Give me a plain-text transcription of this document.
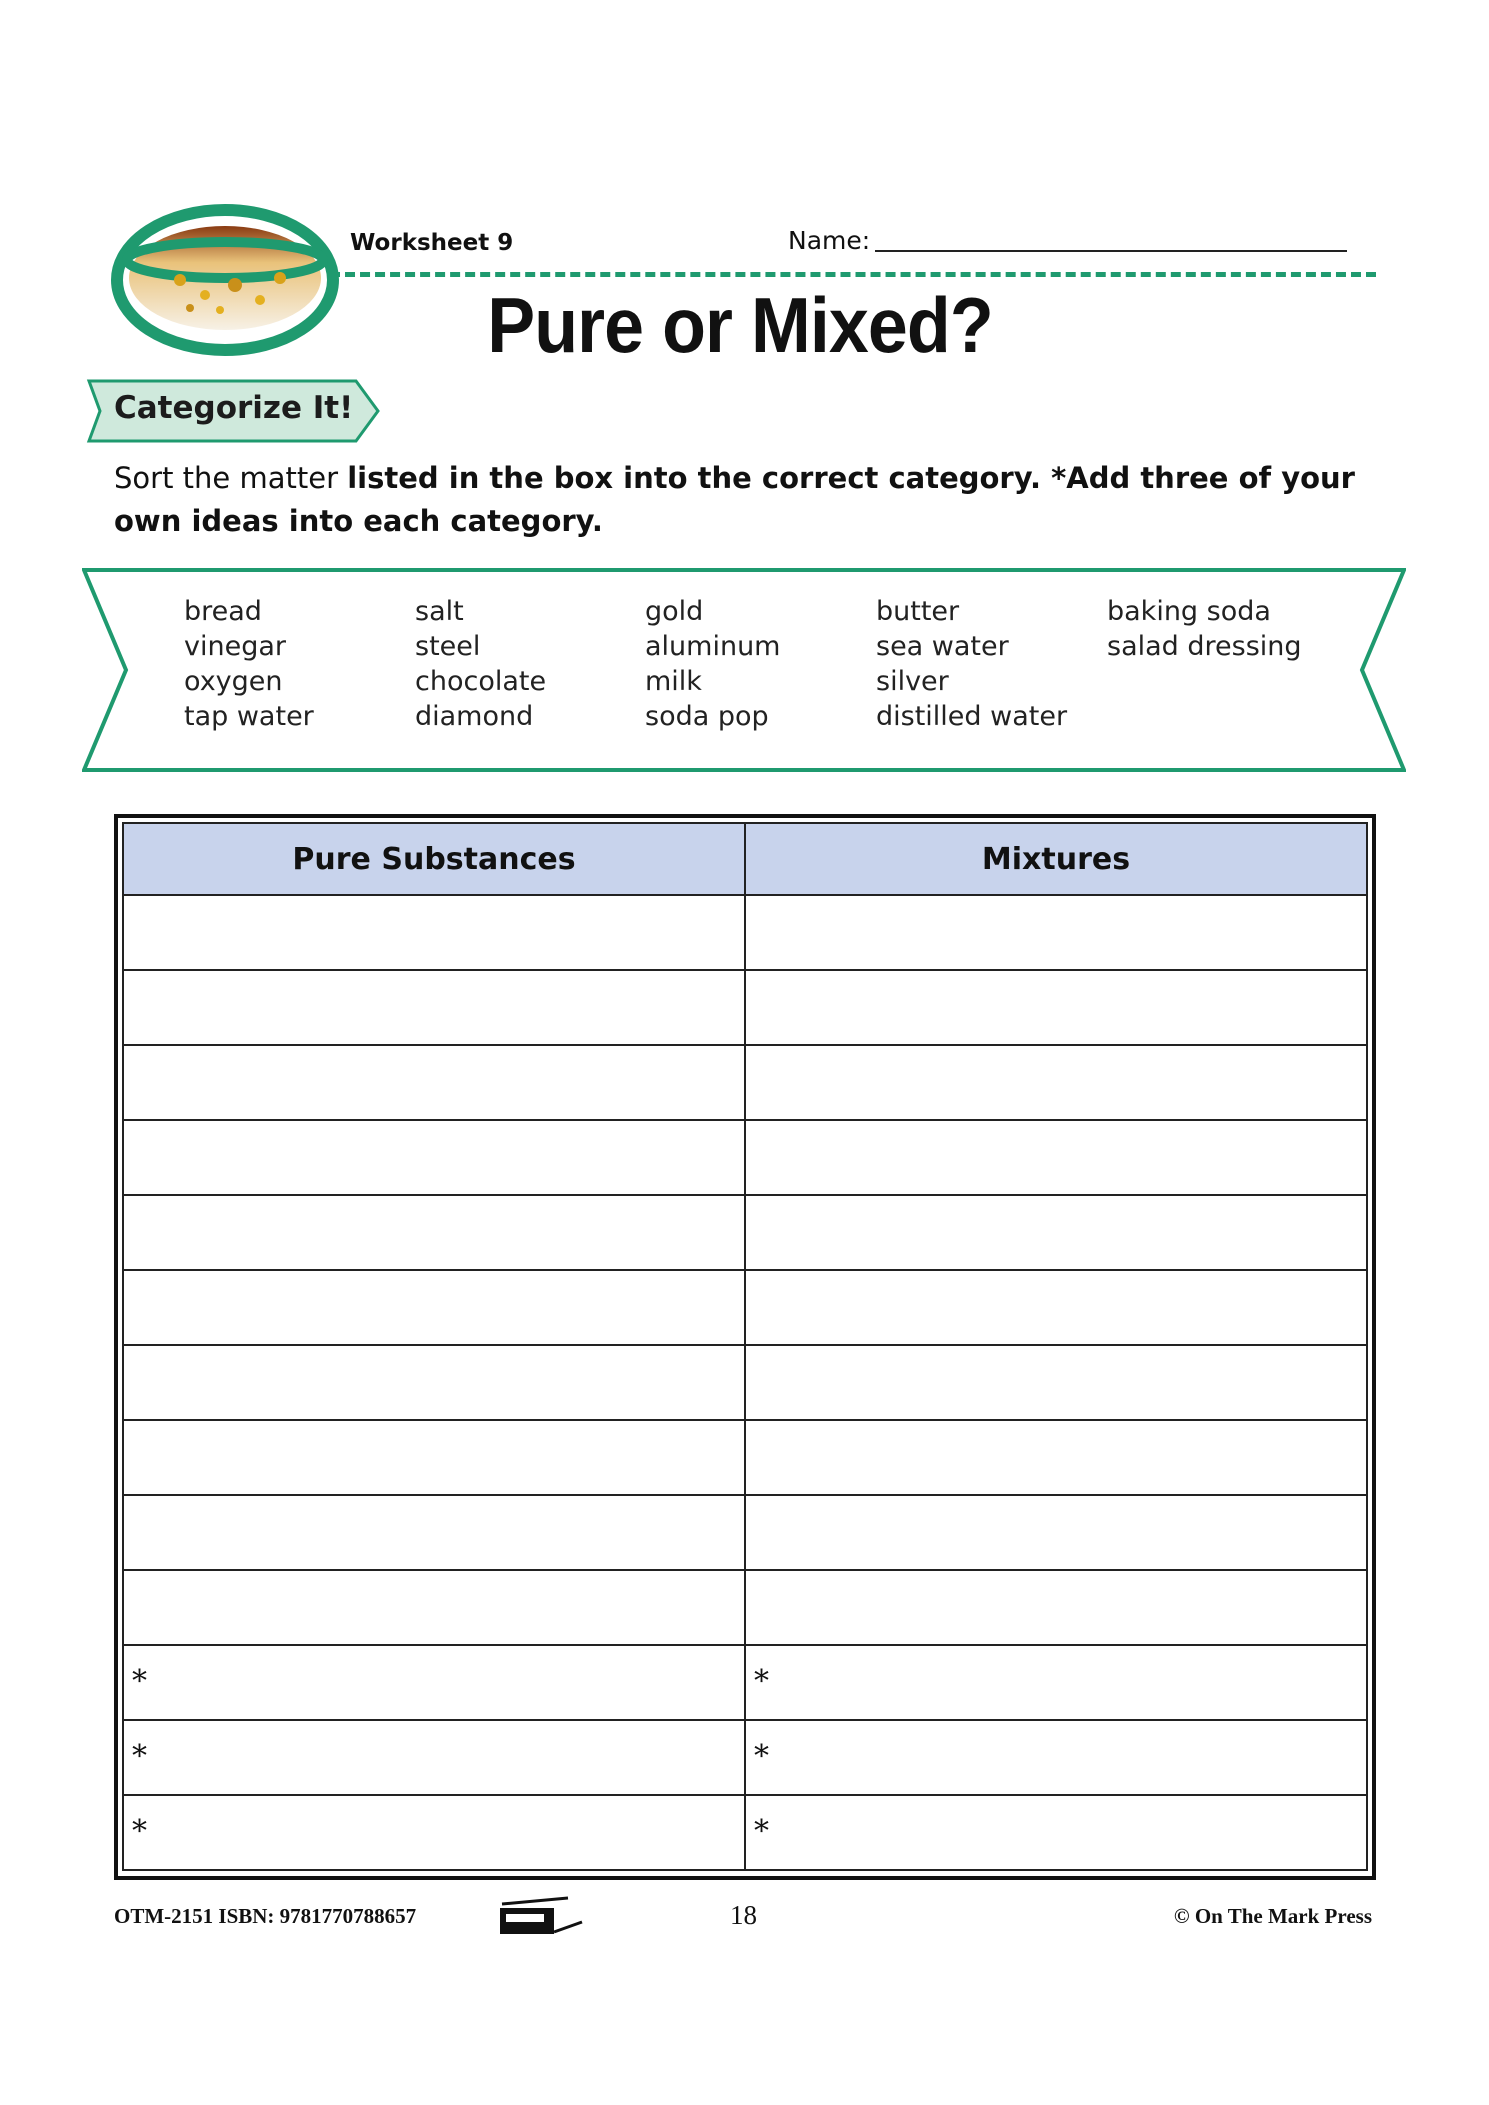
Worksheet 9	Name:
Pure or Mixed?
Categorize It!
Sort the matter listed in the box into the correct category. *Add three of your own ideas into each category.
bread
vinegar
oxygen
tap water
salt
steel
chocolate
diamond
gold
aluminum
milk
soda pop
butter
sea water
silver
distilled water
baking soda
salad dressing
Pure Substances	Mixtures

*	*
*	*
*	*
OTM-2151 ISBN: 9781770788657	18	© On The Mark Press
